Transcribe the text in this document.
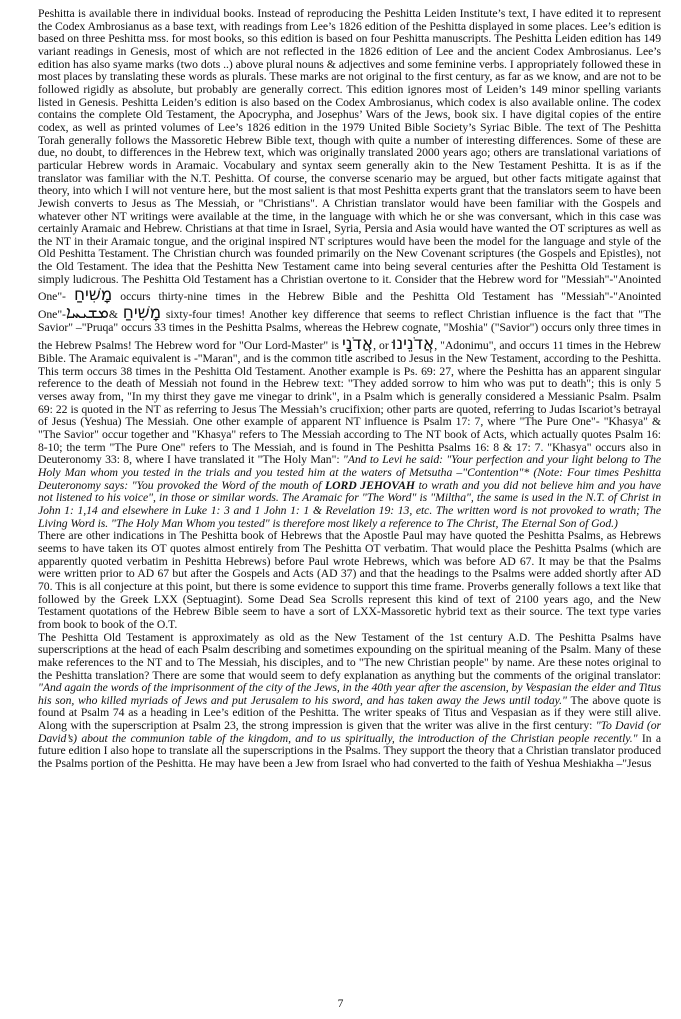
Peshitta is available there in individual books. Instead of reproducing the Peshitta Leiden Institute’s text, I have edited it to represent the Codex Ambrosianus as a base text, with readings from Lee’s 1826 edition of the Peshitta displayed in some places. Lee’s edition is based on three Peshitta mss. for most books, so this edition is based on four Peshitta manuscripts. The Peshitta Leiden edition has 149 variant readings in Genesis, most of which are not reflected in the 1826 edition of Lee and the ancient Codex Ambrosianus. Lee’s edition has also syame marks (two dots ..) above plural nouns & adjectives and some feminine verbs. I appropriately followed these in most places by translating these words as plurals. These marks are not original to the first century, as far as we know, and are not to be followed rigidly as absolute, but probably are generally correct. This edition ignores most of Leiden’s 149 minor spelling variants listed in Genesis. Peshitta Leiden’s edition is also based on the Codex Ambrosianus, which codex is also available online. The codex contains the complete Old Testament, the Apocrypha, and Josephus’ Wars of the Jews, book six. I have digital copies of the entire codex, as well as printed volumes of Lee’s 1826 edition in the 1979 United Bible Society’s Syriac Bible. The text of The Peshitta Torah generally follows the Massoretic Hebrew Bible text, though with quite a number of interesting differences. Some of these are due, no doubt, to differences in the Hebrew text, which was originally translated 2000 years ago; others are translational variations of particular Hebrew words in Aramaic. Vocabulary and syntax seem generally akin to the New Testament Peshitta. It is as if the translator was familiar with the N.T. Peshitta. Of course, the converse scenario may be argued, but other facts mitigate against that theory, into which I will not venture here, but the most salient is that most Peshitta experts grant that the translators seem to have been Jewish converts to Jesus as The Messiah, or "Christians". A Christian translator would have been familiar with the Gospels and whatever other NT writings were available at the time, in the language with which he or she was conversant, which in this case was certainly Aramaic and Hebrew. Christians at that time in Israel, Syria, Persia and Asia would have wanted the OT scriptures as well as the NT in their Aramaic tongue, and the original inspired NT scriptures would have been the model for the language and style of the Old Peshitta Testament. The Christian church was founded primarily on the New Covenant scriptures (the Gospels and Epistles), not the Old Testament. The idea that the Peshitta New Testament came into being several centuries after the Peshitta Old Testament is simply ludicrous. The Peshitta Old Testament has a Christian overtone to it. Consider that the Hebrew word for "Messiah"-"Anointed One"- מָשִׁיחַ occurs thirty-nine times in the Hebrew Bible and the Peshitta Old Testament has "Messiah"-"Anointed One"-ܡܫܝܚܐ& מָשִׁיחַ sixty-four times! Another key difference that seems to reflect Christian influence is the fact that "The Savior" –"Pruqa" occurs 33 times in the Peshitta Psalms, whereas the Hebrew cognate, "Moshia" ("Savior") occurs only three times in the Hebrew Psalms! The Hebrew word for "Our Lord-Master" is אֲדֹנָי, or אֲדֹנֵינוּ, "Adonimu", and occurs 11 times in the Hebrew Bible. The Aramaic equivalent is -"Maran", and is the common title ascribed to Jesus in the New Testament, according to the Peshitta. This term occurs 38 times in the Peshitta Old Testament. Another example is Ps. 69: 27, where the Peshitta has an apparent singular reference to the death of Messiah not found in the Hebrew text: "They added sorrow to him who was put to death"; this is only 5 verses away from, "In my thirst they gave me vinegar to drink", in a Psalm which is generally considered a Messianic Psalm. Psalm 69: 22 is quoted in the NT as referring to Jesus The Messiah’s crucifixion; other parts are quoted, referring to Judas Iscariot’s betrayal of Jesus (Yeshua) The Messiah. One other example of apparent NT influence is Psalm 17: 7, where "The Pure One"- "Khasya" & "The Savior" occur together and "Khasya" refers to The Messiah according to The NT book of Acts, which actually quotes Psalm 16: 8-10; the term "The Pure One" refers to The Messiah, and is found in The Peshitta Psalms 16: 8 & 17: 7. "Khasya" occurs also in Deuteronomy 33: 8, where I have translated it "The Holy Man": "And to Levi he said: "Your perfection and your light belong to The Holy Man whom you tested in the trials and you tested him at the waters of Metsutha –"Contention"* (Note: Four times Peshitta Deuteronomy says: "You provoked the Word of the mouth of LORD JEHOVAH to wrath and you did not believe him and you have not listened to his voice", in those or similar words. The Aramaic for "The Word" is "Miltha", the same is used in the N.T. of Christ in John 1: 1,14 and elsewhere in Luke 1: 3 and 1 John 1: 1 & Revelation 19: 13, etc. The written word is not provoked to wrath; The Living Word is. "The Holy Man Whom you tested" is therefore most likely a reference to The Christ, The Eternal Son of God.)

There are other indications in The Peshitta book of Hebrews that the Apostle Paul may have quoted the Peshitta Psalms, as Hebrews seems to have taken its OT quotes almost entirely from The Peshitta OT verbatim. That would place the Peshitta Psalms (which are apparently quoted verbatim in Peshitta Hebrews) before Paul wrote Hebrews, which was before AD 67. It may be that the Psalms were written prior to AD 67 but after the Gospels and Acts (AD 37) and that the headings to the Psalms were added shortly after AD 70. This is all conjecture at this point, but there is some evidence to support this time frame. Proverbs generally follows a text like that followed by the Greek LXX (Septuagint). Some Dead Sea Scrolls represent this kind of text of 2100 years ago, and the New Testament quotations of the Hebrew Bible seem to have a sort of LXX-Massoretic hybrid text as their source. The text type varies from book to book of the O.T.

The Peshitta Old Testament is approximately as old as the New Testament of the 1st century A.D. The Peshitta Psalms have superscriptions at the head of each Psalm describing and sometimes expounding on the spiritual meaning of the Psalm. Many of these make references to the NT and to The Messiah, his disciples, and to "The new Christian people" by name. Are these notes original to the Peshitta translation? There are some that would seem to defy explanation as anything but the comments of the original translator: "And again the words of the imprisonment of the city of the Jews, in the 40th year after the ascension, by Vespasian the elder and Titus his son, who killed myriads of Jews and put Jerusalem to his sword, and has taken away the Jews until today." The above quote is found at Psalm 74 as a heading in Lee’s edition of the Peshitta. The writer speaks of Titus and Vespasian as if they were still alive. Along with the superscription at Psalm 23, the strong impression is given that the writer was alive in the first century: "To David (or David’s) about the communion table of the kingdom, and to us spiritually, the introduction of the Christian people recently." In a future edition I also hope to translate all the superscriptions in the Psalms. They support the theory that a Christian translator produced the Psalms portion of the Peshitta. He may have been a Jew from Israel who had converted to the faith of Yeshua Meshiakha –"Jesus

7
